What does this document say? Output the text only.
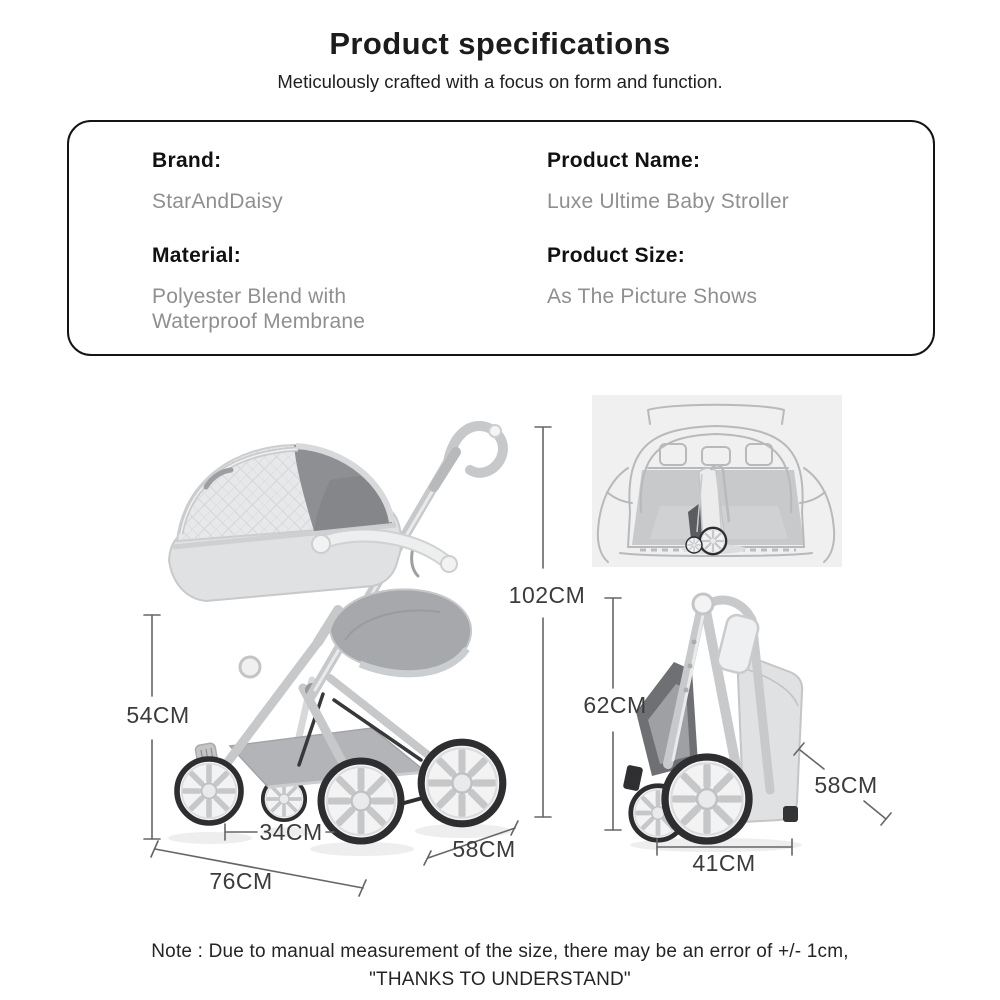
Product specifications
Meticulously crafted with a focus on form and function.
Brand:
StarAndDaisy
Product Name:
Luxe Ultime Baby Stroller
Material:
Polyester Blend with Waterproof Membrane
Product Size:
As The Picture Shows
102CM
54CM
34CM
76CM
58CM
62CM
41CM
58CM
Note : Due to manual measurement of the size, there may be an error of +/- 1cm,
"THANKS TO UNDERSTAND"
